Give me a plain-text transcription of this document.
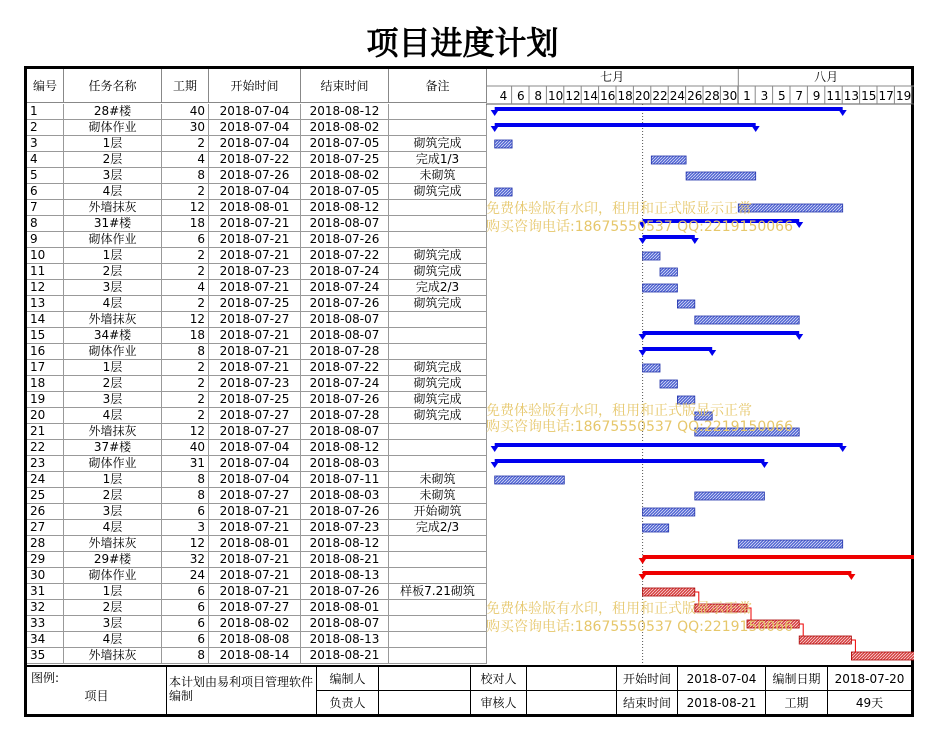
项目进度计划
编号	任务名称	工期	开始时间	结束时间	备注
1	28#楼	40	2018-07-04	2018-08-12
2	砌体作业	30	2018-07-04	2018-08-02
3	1层	2	2018-07-04	2018-07-05	砌筑完成
4	2层	4	2018-07-22	2018-07-25	完成1/3
5	3层	8	2018-07-26	2018-08-02	未砌筑
6	4层	2	2018-07-04	2018-07-05	砌筑完成
7	外墙抹灰	12	2018-08-01	2018-08-12
8	31#楼	18	2018-07-21	2018-08-07
9	砌体作业	6	2018-07-21	2018-07-26
10	1层	2	2018-07-21	2018-07-22	砌筑完成
11	2层	2	2018-07-23	2018-07-24	砌筑完成
12	3层	4	2018-07-21	2018-07-24	完成2/3
13	4层	2	2018-07-25	2018-07-26	砌筑完成
14	外墙抹灰	12	2018-07-27	2018-08-07
15	34#楼	18	2018-07-21	2018-08-07
16	砌体作业	8	2018-07-21	2018-07-28
17	1层	2	2018-07-21	2018-07-22	砌筑完成
18	2层	2	2018-07-23	2018-07-24	砌筑完成
19	3层	2	2018-07-25	2018-07-26	砌筑完成
20	4层	2	2018-07-27	2018-07-28	砌筑完成
21	外墙抹灰	12	2018-07-27	2018-08-07
22	37#楼	40	2018-07-04	2018-08-12
23	砌体作业	31	2018-07-04	2018-08-03
24	1层	8	2018-07-04	2018-07-11	未砌筑
25	2层	8	2018-07-27	2018-08-03	未砌筑
26	3层	6	2018-07-21	2018-07-26	开始砌筑
27	4层	3	2018-07-21	2018-07-23	完成2/3
28	外墙抹灰	12	2018-08-01	2018-08-12
29	29#楼	32	2018-07-21	2018-08-21
30	砌体作业	24	2018-07-21	2018-08-13
31	1层	6	2018-07-21	2018-07-26	样板7.21砌筑
32	2层	6	2018-07-27	2018-08-01
33	3层	6	2018-08-02	2018-08-07
34	4层	6	2018-08-08	2018-08-13
35	外墙抹灰	8	2018-08-14	2018-08-21
七月	八月
4 6 8 10 12 14 16 18 20 22 24 26 28 30 1 3 5 7 9 11 13 15 17 19
免费体验版有水印，租用和正式版显示正常
购买咨询电话:18675550537 QQ:2219150066
免费体验版有水印，租用和正式版显示正常
购买咨询电话:18675550537 QQ:2219150066
免费体验版有水印，租用和正式版显示正常
购买咨询电话:18675550537 QQ:2219150066
图例:
项目
本计划由易利项目管理软件编制
编制人	校对人	开始时间	2018-07-04	编制日期	2018-07-20
负责人	审核人	结束时间	2018-08-21	工期	49天
